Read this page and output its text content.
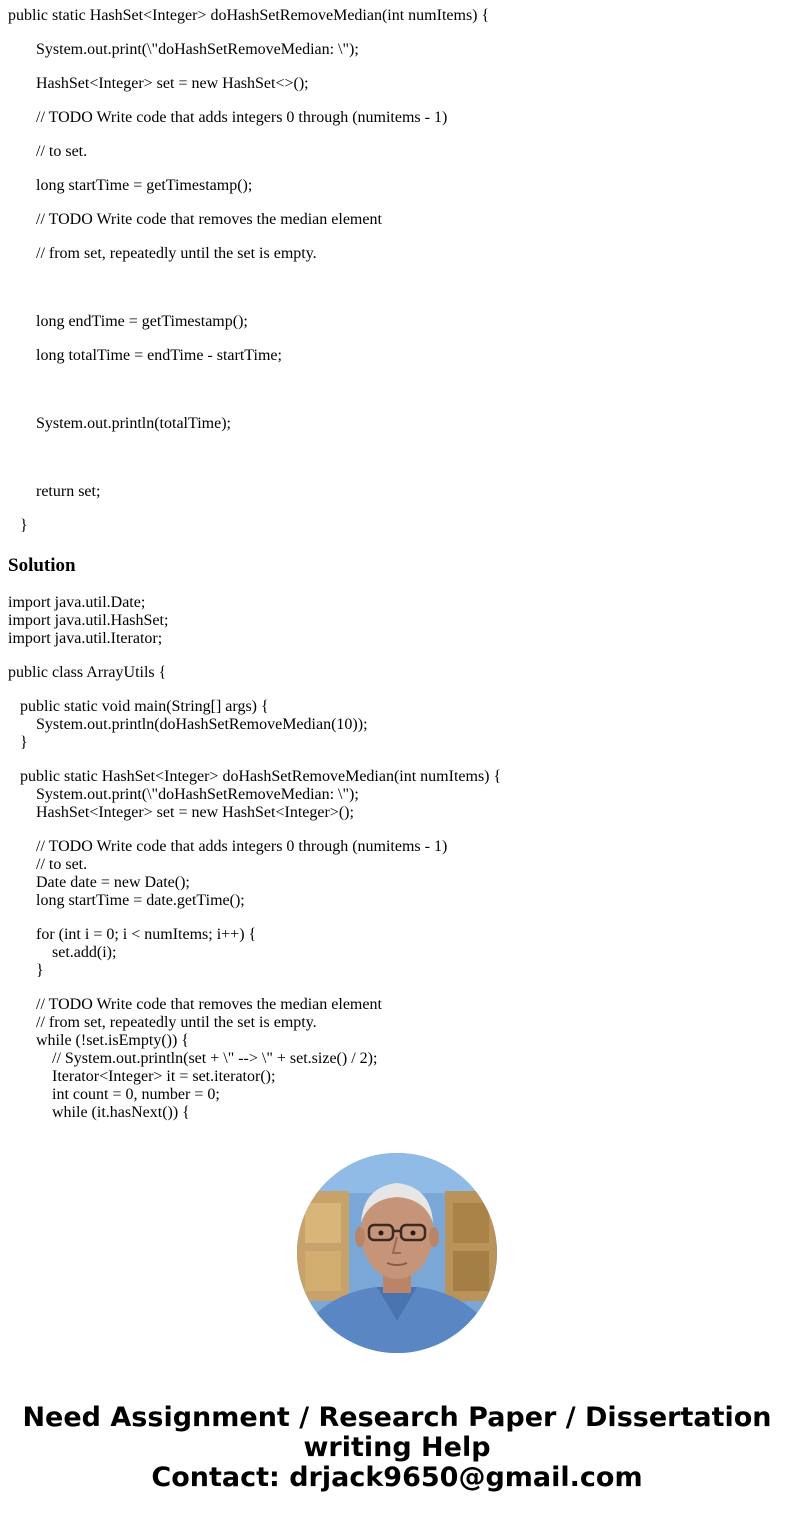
public static HashSet<Integer> doHashSetRemoveMedian(int numItems) {
System.out.print(\"doHashSetRemoveMedian: \");
HashSet<Integer> set = new HashSet<>();
// TODO Write code that adds integers 0 through (numitems - 1)
// to set.
long startTime = getTimestamp();
// TODO Write code that removes the median element
// from set, repeatedly until the set is empty.
long endTime = getTimestamp();
long totalTime = endTime - startTime;
System.out.println(totalTime);
return set;
}
Solution
import java.util.Date;
import java.util.HashSet;
import java.util.Iterator;
public class ArrayUtils {
public static void main(String[] args) {
System.out.println(doHashSetRemoveMedian(10));
}
public static HashSet<Integer> doHashSetRemoveMedian(int numItems) {
System.out.print(\"doHashSetRemoveMedian: \");
HashSet<Integer> set = new HashSet<Integer>();
// TODO Write code that adds integers 0 through (numitems - 1)
// to set.
Date date = new Date();
long startTime = date.getTime();
for (int i = 0; i < numItems; i++) {
set.add(i);
}
// TODO Write code that removes the median element
// from set, repeatedly until the set is empty.
while (!set.isEmpty()) {
// System.out.println(set + \" --> \" + set.size() / 2);
Iterator<Integer> it = set.iterator();
int count = 0, number = 0;
while (it.hasNext()) {
Need Assignment / Research Paper / Dissertation
writing Help
Contact: drjack9650@gmail.com
